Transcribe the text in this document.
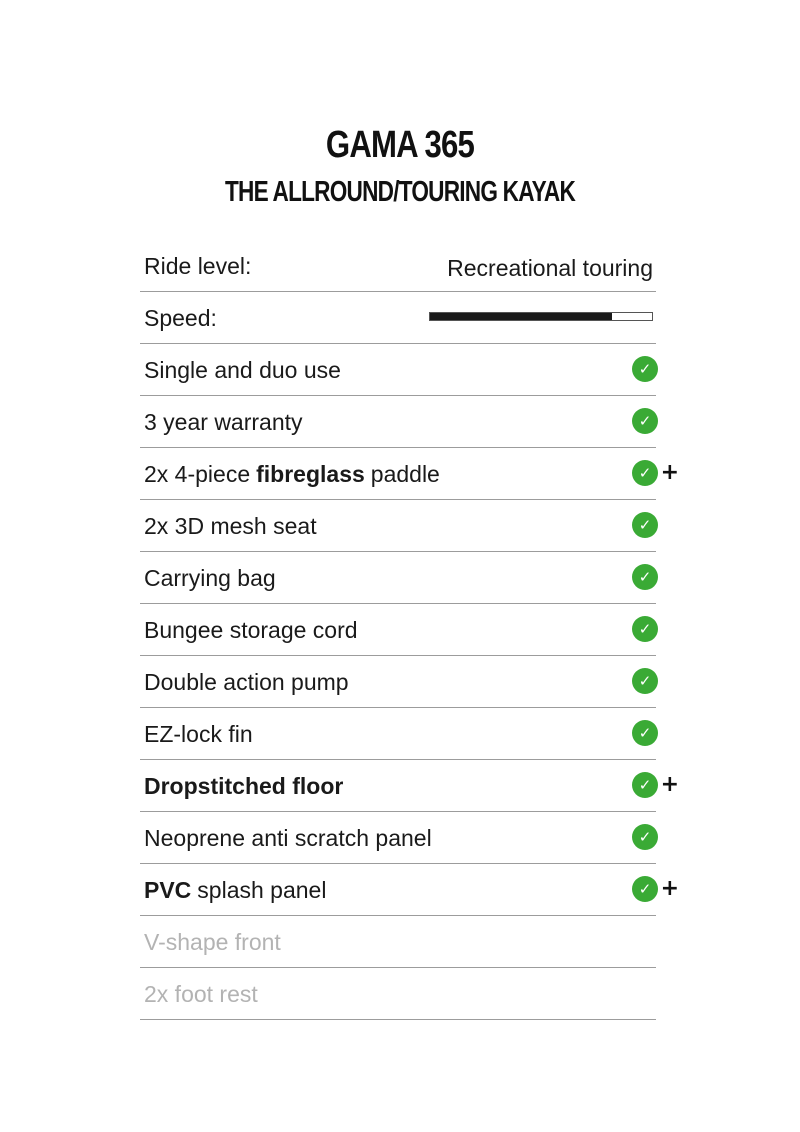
GAMA 365
THE ALLROUND/TOURING KAYAK
Ride level:	Recreational touring
Speed:
Single and duo use	✓
3 year warranty	✓
2x 4-piece fibreglass paddle	✓ +
2x 3D mesh seat	✓
Carrying bag	✓
Bungee storage cord	✓
Double action pump	✓
EZ-lock fin	✓
Dropstitched floor	✓ +
Neoprene anti scratch panel	✓
PVC splash panel	✓ +
V-shape front
2x foot rest
